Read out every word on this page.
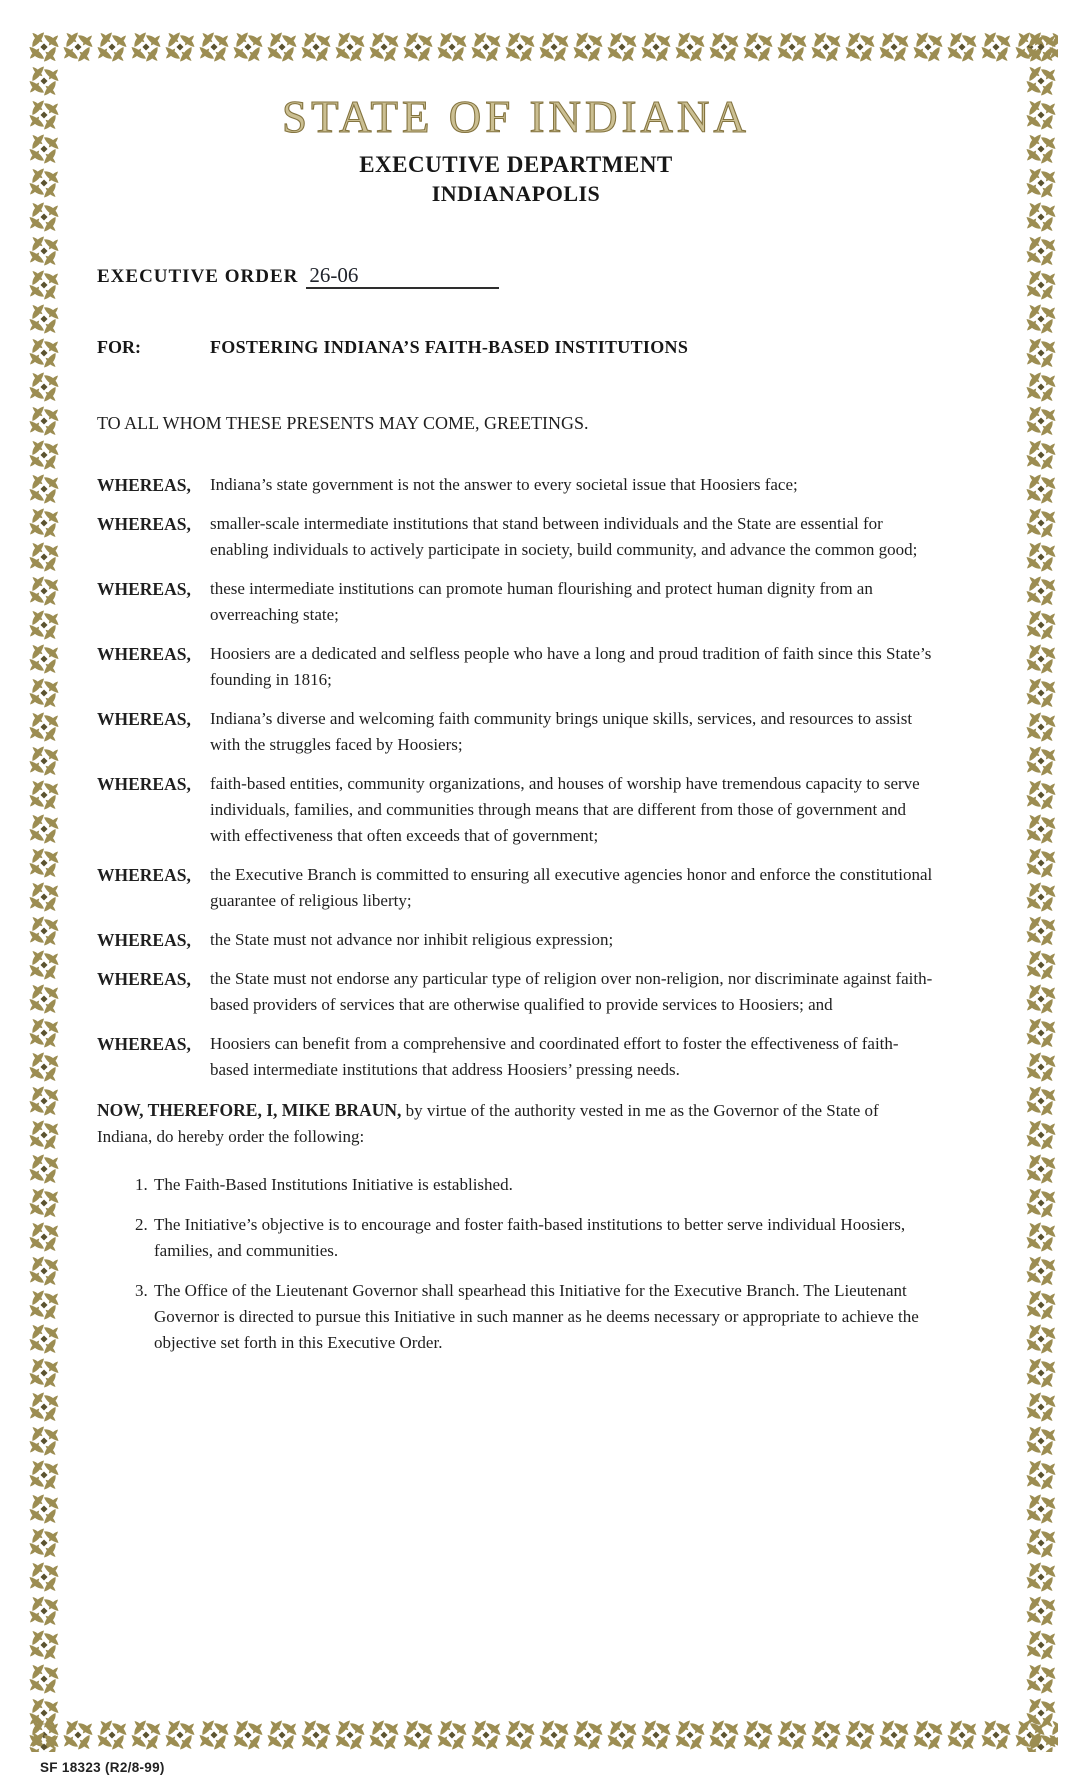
STATE OF INDIANA
EXECUTIVE DEPARTMENT
INDIANAPOLIS
EXECUTIVE ORDER 26-06
FOR:	FOSTERING INDIANA’S FAITH-BASED INSTITUTIONS
TO ALL WHOM THESE PRESENTS MAY COME, GREETINGS.
WHEREAS,	Indiana’s state government is not the answer to every societal issue that Hoosiers face;
WHEREAS,	smaller-scale intermediate institutions that stand between individuals and the State are essential for enabling individuals to actively participate in society, build community, and advance the common good;
WHEREAS,	these intermediate institutions can promote human flourishing and protect human dignity from an overreaching state;
WHEREAS,	Hoosiers are a dedicated and selfless people who have a long and proud tradition of faith since this State’s founding in 1816;
WHEREAS,	Indiana’s diverse and welcoming faith community brings unique skills, services, and resources to assist with the struggles faced by Hoosiers;
WHEREAS,	faith-based entities, community organizations, and houses of worship have tremendous capacity to serve individuals, families, and communities through means that are different from those of government and with effectiveness that often exceeds that of government;
WHEREAS,	the Executive Branch is committed to ensuring all executive agencies honor and enforce the constitutional guarantee of religious liberty;
WHEREAS,	the State must not advance nor inhibit religious expression;
WHEREAS,	the State must not endorse any particular type of religion over non-religion, nor discriminate against faith-based providers of services that are otherwise qualified to provide services to Hoosiers; and
WHEREAS,	Hoosiers can benefit from a comprehensive and coordinated effort to foster the effectiveness of faith-based intermediate institutions that address Hoosiers’ pressing needs.
NOW, THEREFORE, I, MIKE BRAUN, by virtue of the authority vested in me as the Governor of the State of Indiana, do hereby order the following:
1. The Faith-Based Institutions Initiative is established.
2. The Initiative’s objective is to encourage and foster faith-based institutions to better serve individual Hoosiers, families, and communities.
3. The Office of the Lieutenant Governor shall spearhead this Initiative for the Executive Branch. The Lieutenant Governor is directed to pursue this Initiative in such manner as he deems necessary or appropriate to achieve the objective set forth in this Executive Order.
SF 18323 (R2/8-99)
